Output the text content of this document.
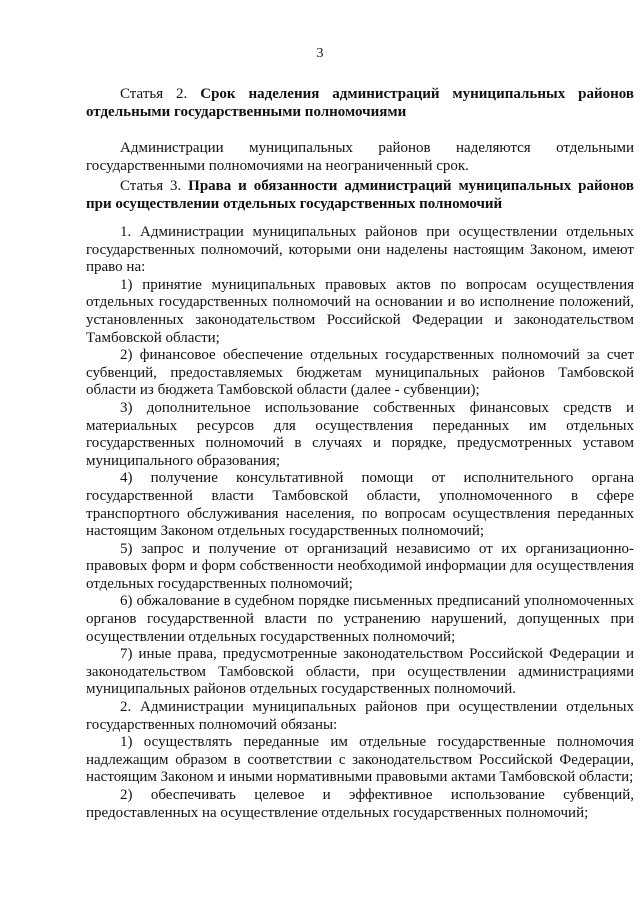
3
Статья 2. Срок наделения администраций муниципальных районов отдельными государственными полномочиями

Администрации муниципальных районов наделяются отдельными государственными полномочиями на неограниченный срок.

Статья 3. Права и обязанности администраций муниципальных районов при осуществлении отдельных государственных полномочий

1. Администрации муниципальных районов при осуществлении отдельных государственных полномочий, которыми они наделены настоящим Законом, имеют право на:

1) принятие муниципальных правовых актов по вопросам осуществления отдельных государственных полномочий на основании и во исполнение положений, установленных законодательством Российской Федерации и законодательством Тамбовской области;

2) финансовое обеспечение отдельных государственных полномочий за счет субвенций, предоставляемых бюджетам муниципальных районов Тамбовской области из бюджета Тамбовской области (далее - субвенции);

3) дополнительное использование собственных финансовых средств и материальных ресурсов для осуществления переданных им отдельных государственных полномочий в случаях и порядке, предусмотренных уставом муниципального образования;

4) получение консультативной помощи от исполнительного органа государственной власти Тамбовской области, уполномоченного в сфере транспортного обслуживания населения, по вопросам осуществления переданных настоящим Законом отдельных государственных полномочий;

5) запрос и получение от организаций независимо от их организационно-правовых форм и форм собственности необходимой информации для осуществления отдельных государственных полномочий;

6) обжалование в судебном порядке письменных предписаний уполномоченных органов государственной власти по устранению нарушений, допущенных при осуществлении отдельных государственных полномочий;

7) иные права, предусмотренные законодательством Российской Федерации и законодательством Тамбовской области, при осуществлении администрациями муниципальных районов отдельных государственных полномочий.

2. Администрации муниципальных районов при осуществлении отдельных государственных полномочий обязаны:

1) осуществлять переданные им отдельные государственные полномочия надлежащим образом в соответствии с законодательством Российской Федерации, настоящим Законом и иными нормативными правовыми актами Тамбовской области;

2) обеспечивать целевое и эффективное использование субвенций, предоставленных на осуществление отдельных государственных полномочий;
